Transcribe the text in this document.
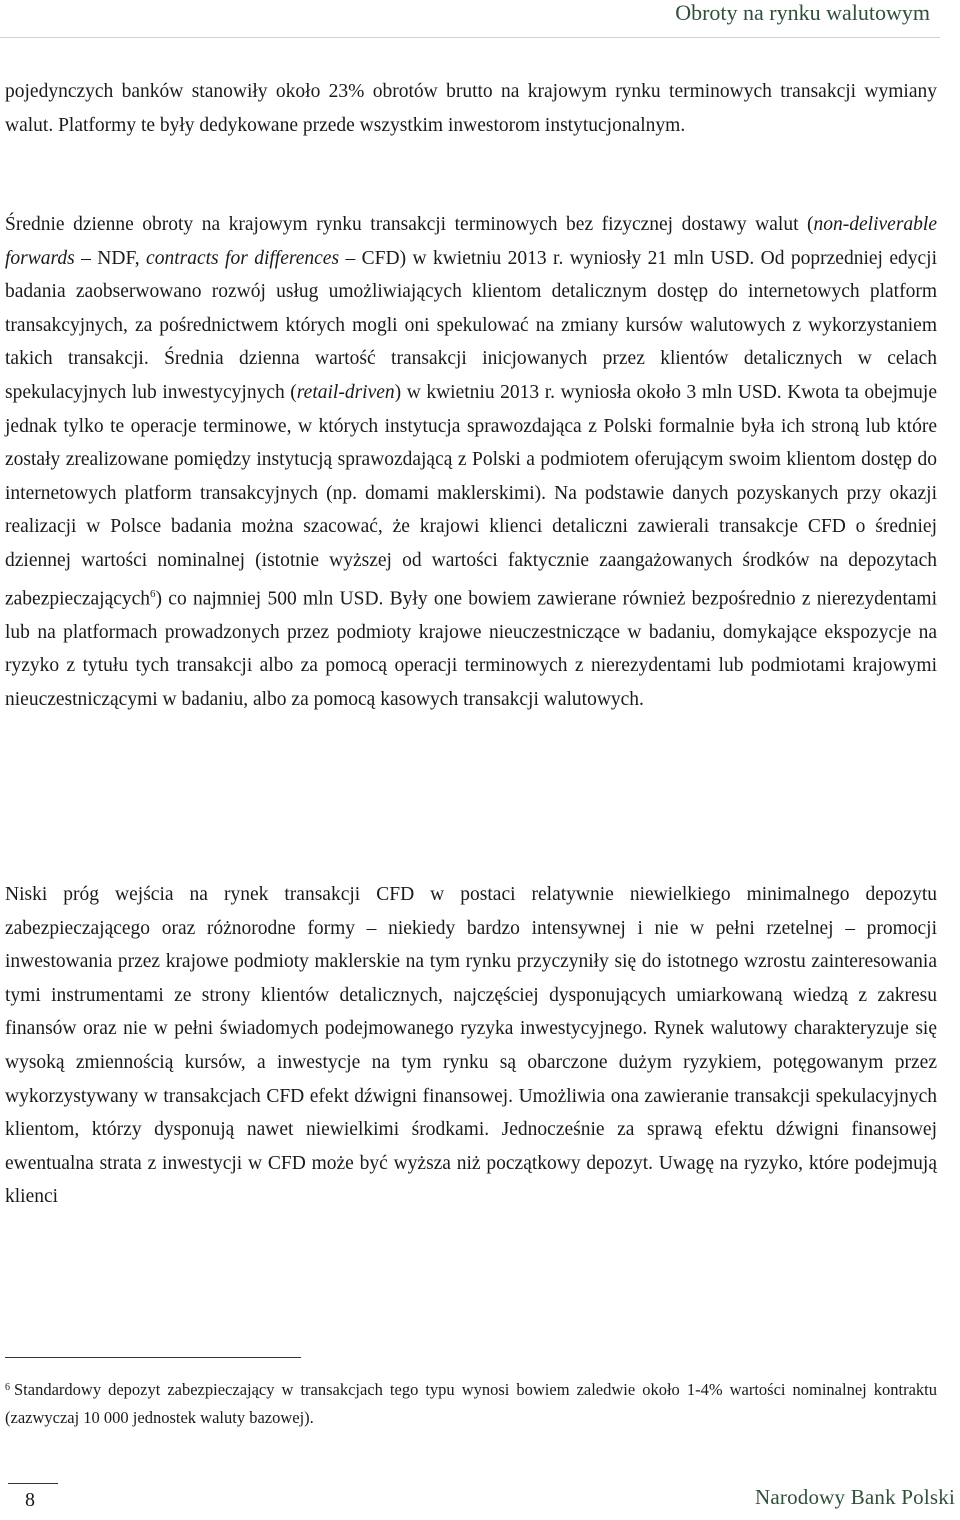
Obroty na rynku walutowym

pojedynczych banków stanowiły około 23% obrotów brutto na krajowym rynku terminowych transakcji wymiany walut. Platformy te były dedykowane przede wszystkim inwestorom instytucjonalnym.

Średnie dzienne obroty na krajowym rynku transakcji terminowych bez fizycznej dostawy walut (non-deliverable forwards – NDF, contracts for differences – CFD) w kwietniu 2013 r. wyniosły 21 mln USD. Od poprzedniej edycji badania zaobserwowano rozwój usług umożliwiających klientom detalicznym dostęp do internetowych platform transakcyjnych, za pośrednictwem których mogli oni spekulować na zmiany kursów walutowych z wykorzystaniem takich transakcji. Średnia dzienna wartość transakcji inicjowanych przez klientów detalicznych w celach spekulacyjnych lub inwestycyjnych (retail-driven) w kwietniu 2013 r. wyniosła około 3 mln USD. Kwota ta obejmuje jednak tylko te operacje terminowe, w których instytucja sprawozdająca z Polski formalnie była ich stroną lub które zostały zrealizowane pomiędzy instytucją sprawozdającą z Polski a podmiotem oferującym swoim klientom dostęp do internetowych platform transakcyjnych (np. domami maklerskimi). Na podstawie danych pozyskanych przy okazji realizacji w Polsce badania można szacować, że krajowi klienci detaliczni zawierali transakcje CFD o średniej dziennej wartości nominalnej (istotnie wyższej od wartości faktycznie zaangażowanych środków na depozytach zabezpieczających$^6$) co najmniej 500 mln USD. Były one bowiem zawierane również bezpośrednio z nierezydentami lub na platformach prowadzonych przez podmioty krajowe nieuczestniczące w badaniu, domykające ekspozycje na ryzyko z tytułu tych transakcji albo za pomocą operacji terminowych z nierezydentami lub podmiotami krajowymi nieuczestniczącymi w badaniu, albo za pomocą kasowych transakcji walutowych.

Niski próg wejścia na rynek transakcji CFD w postaci relatywnie niewielkiego minimalnego depozytu zabezpieczającego oraz różnorodne formy – niekiedy bardzo intensywnej i nie w pełni rzetelnej – promocji inwestowania przez krajowe podmioty maklerskie na tym rynku przyczyniły się do istotnego wzrostu zainteresowania tymi instrumentami ze strony klientów detalicznych, najczęściej dysponujących umiarkowaną wiedzą z zakresu finansów oraz nie w pełni świadomych podejmowanego ryzyka inwestycyjnego. Rynek walutowy charakteryzuje się wysoką zmiennością kursów, a inwestycje na tym rynku są obarczone dużym ryzykiem, potęgowanym przez wykorzystywany w transakcjach CFD efekt dźwigni finansowej. Umożliwia ona zawieranie transakcji spekulacyjnych klientom, którzy dysponują nawet niewielkimi środkami. Jednocześnie za sprawą efektu dźwigni finansowej ewentualna strata z inwestycji w CFD może być wyższa niż początkowy depozyt. Uwagę na ryzyko, które podejmują klienci

$^6$ Standardowy depozyt zabezpieczający w transakcjach tego typu wynosi bowiem zaledwie około 1-4% wartości nominalnej kontraktu (zazwyczaj 10 000 jednostek waluty bazowej).

8	Narodowy Bank Polski
